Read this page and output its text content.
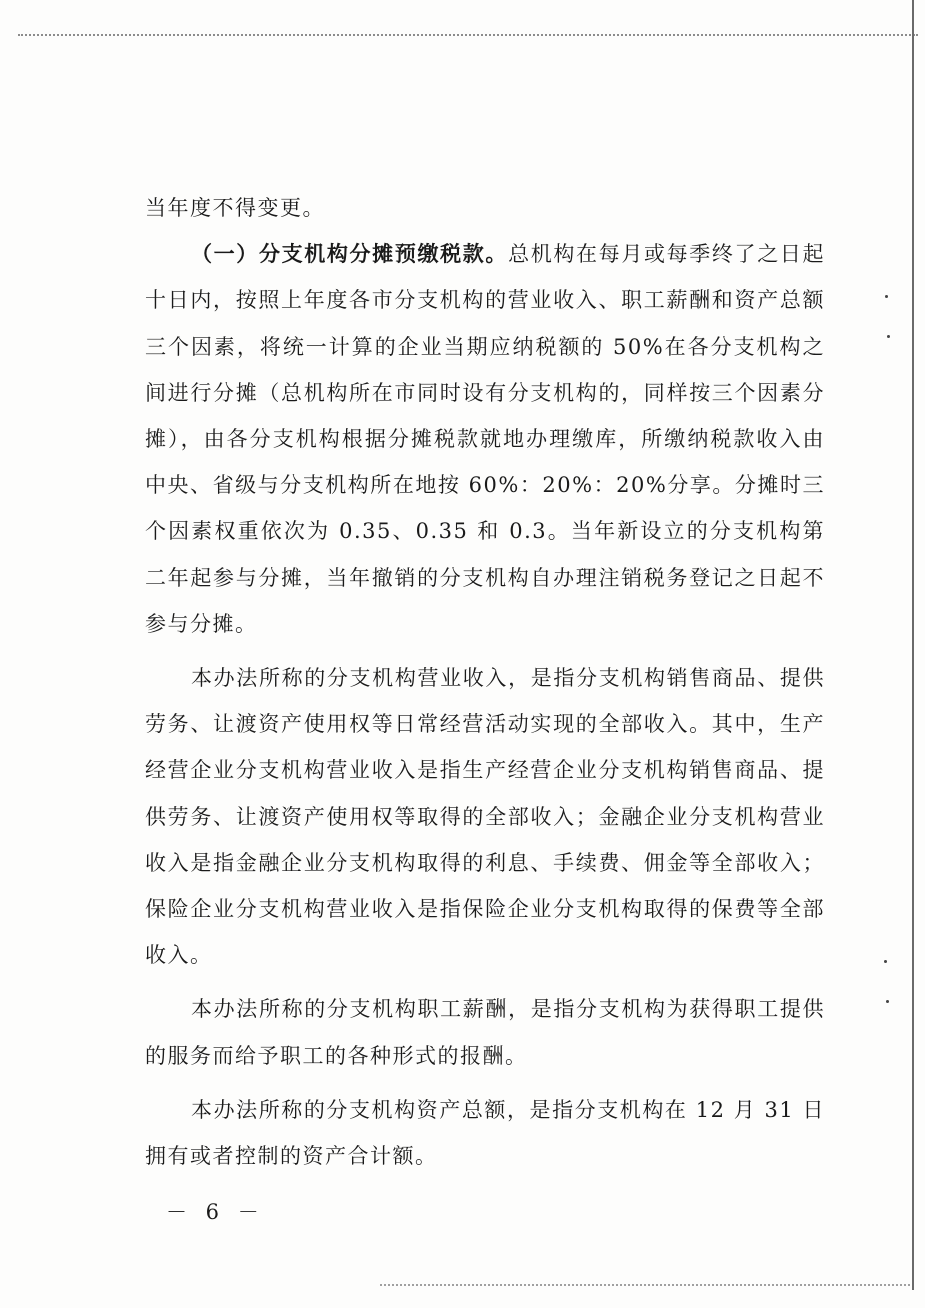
当年度不得变更。

（一）分支机构分摊预缴税款。总机构在每月或每季终了之日起十日内，按照上年度各市分支机构的营业收入、职工薪酬和资产总额三个因素，将统一计算的企业当期应纳税额的 50%在各分支机构之间进行分摊（总机构所在市同时设有分支机构的，同样按三个因素分摊），由各分支机构根据分摊税款就地办理缴库，所缴纳税款收入由中央、省级与分支机构所在地按 60%：20%：20%分享。分摊时三个因素权重依次为 0.35、0.35 和 0.3。当年新设立的分支机构第二年起参与分摊，当年撤销的分支机构自办理注销税务登记之日起不参与分摊。

本办法所称的分支机构营业收入，是指分支机构销售商品、提供劳务、让渡资产使用权等日常经营活动实现的全部收入。其中，生产经营企业分支机构营业收入是指生产经营企业分支机构销售商品、提供劳务、让渡资产使用权等取得的全部收入；金融企业分支机构营业收入是指金融企业分支机构取得的利息、手续费、佣金等全部收入；保险企业分支机构营业收入是指保险企业分支机构取得的保费等全部收入。

本办法所称的分支机构职工薪酬，是指分支机构为获得职工提供的服务而给予职工的各种形式的报酬。

本办法所称的分支机构资产总额，是指分支机构在 12 月 31 日拥有或者控制的资产合计额。

－ 6 －
